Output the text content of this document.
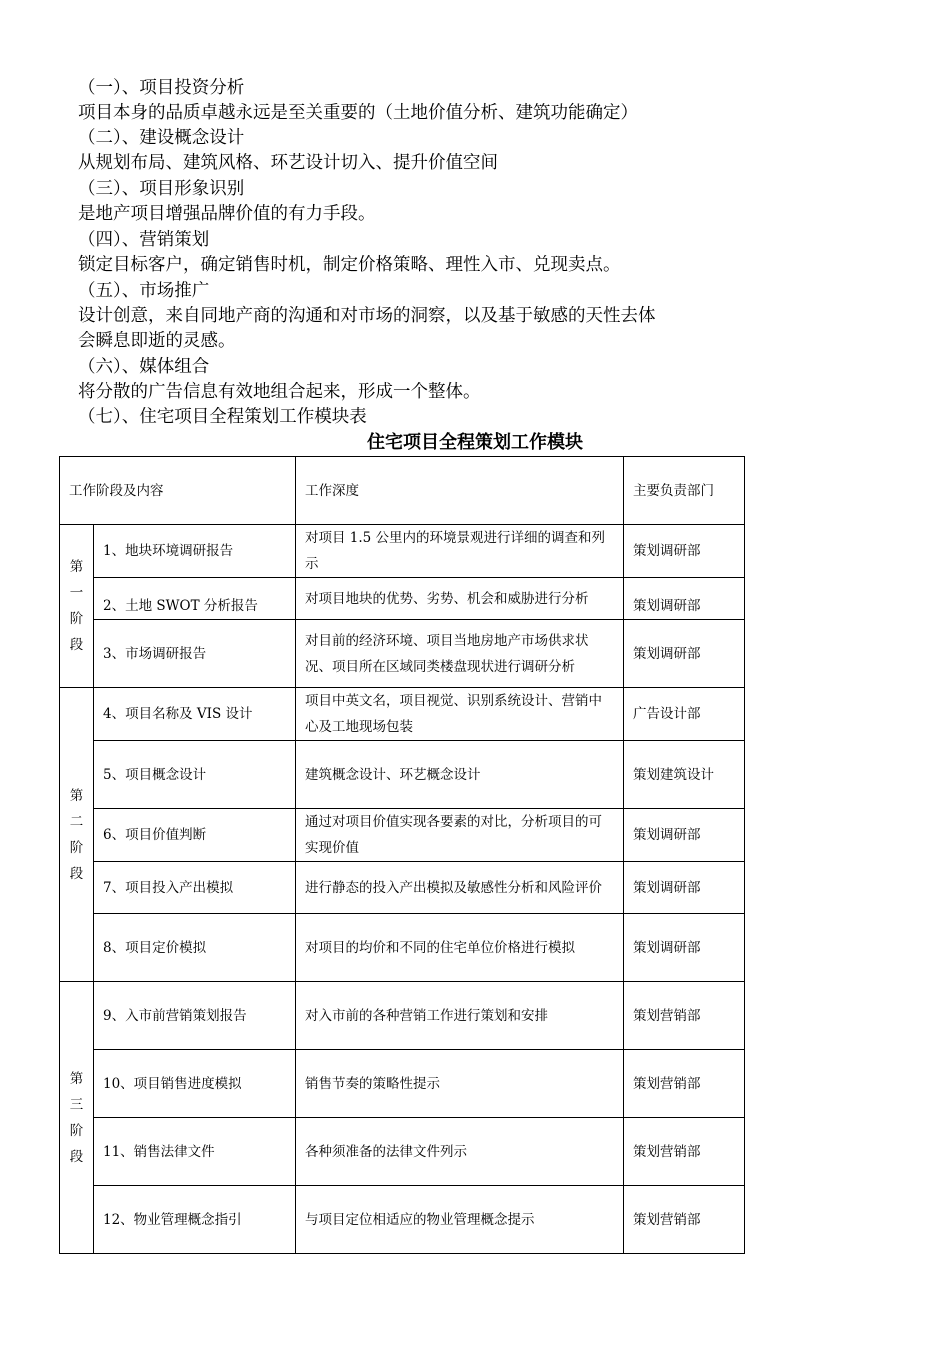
（一）、项目投资分析

项目本身的品质卓越永远是至关重要的（土地价值分析、建筑功能确定）

（二）、建设概念设计

从规划布局、建筑风格、环艺设计切入、提升价值空间

（三）、项目形象识别

是地产项目增强品牌价值的有力手段。

（四）、营销策划

锁定目标客户，确定销售时机，制定价格策略、理性入市、兑现卖点。

（五）、市场推广

设计创意，来自同地产商的沟通和对市场的洞察，以及基于敏感的天性去体

会瞬息即逝的灵感。

（六）、媒体组合

将分散的广告信息有效地组合起来，形成一个整体。

（七）、住宅项目全程策划工作模块表

住宅项目全程策划工作模块
工作阶段及内容		工作深度	主要负责部门

第一阶段	1、地块环境调研报告	对项目 1.5 公里内的环境景观进行详细的调查和列示	策划调研部
	2、土地 SWOT 分析报告	对项目地块的优势、劣势、机会和威胁进行分析	策划调研部
	3、市场调研报告	对目前的经济环境、项目当地房地产市场供求状况、项目所在区域同类楼盘现状进行调研分析	策划调研部

第二阶段	4、项目名称及 VIS 设计	项目中英文名，项目视觉、识别系统设计、营销中心及工地现场包装	广告设计部
	5、项目概念设计	建筑概念设计、环艺概念设计	策划建筑设计
	6、项目价值判断	通过对项目价值实现各要素的对比，分析项目的可实现价值	策划调研部
	7、项目投入产出模拟	进行静态的投入产出模拟及敏感性分析和风险评价	策划调研部
	8、项目定价模拟	对项目的均价和不同的住宅单位价格进行模拟	策划调研部

第三阶段	9、入市前营销策划报告	对入市前的各种营销工作进行策划和安排	策划营销部
	10、项目销售进度模拟	销售节奏的策略性提示	策划营销部
	11、销售法律文件	各种须准备的法律文件列示	策划营销部
	12、物业管理概念指引	与项目定位相适应的物业管理概念提示	策划营销部
